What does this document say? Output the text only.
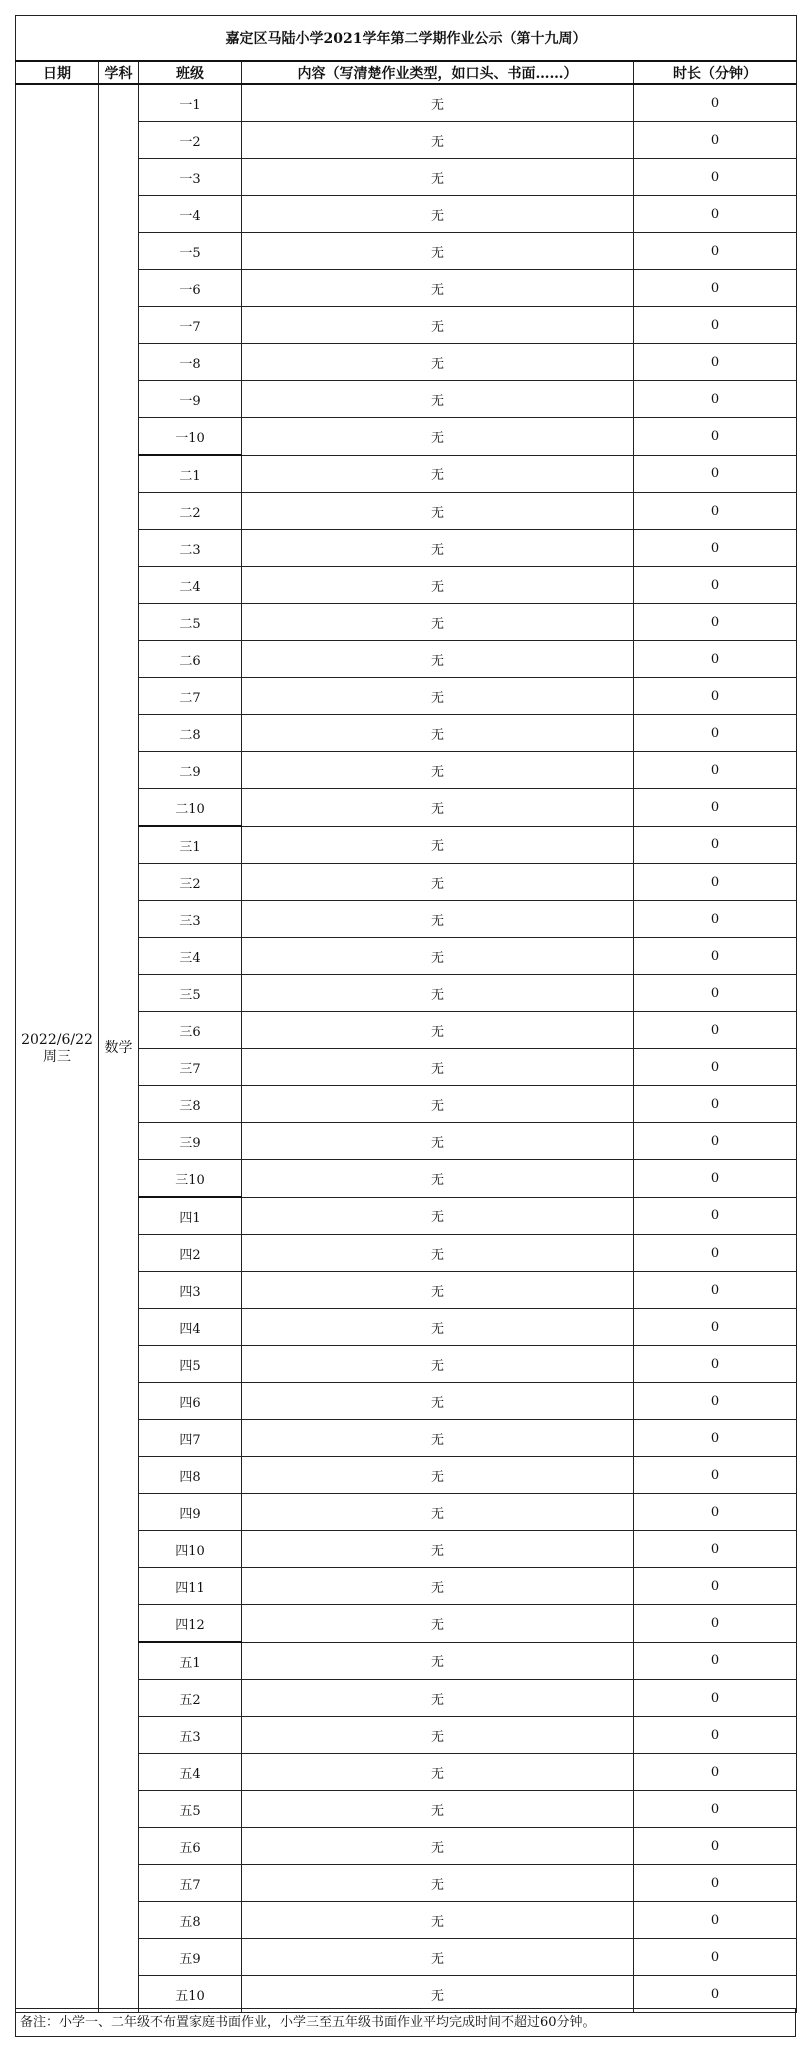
嘉定区马陆小学2021学年第二学期作业公示（第十九周）				
日期	学科	班级	内容（写清楚作业类型，如口头、书面……）	时长（分钟）

2022/6/22
周三	数学	一1	无	0
		一2	无	0
		一3	无	0
		一4	无	0
		一5	无	0
		一6	无	0
		一7	无	0
		一8	无	0
		一9	无	0
		一10	无	0
		二1	无	0
		二2	无	0
		二3	无	0
		二4	无	0
		二5	无	0
		二6	无	0
		二7	无	0
		二8	无	0
		二9	无	0
		二10	无	0
		三1	无	0
		三2	无	0
		三3	无	0
		三4	无	0
		三5	无	0
		三6	无	0
		三7	无	0
		三8	无	0
		三9	无	0
		三10	无	0
		四1	无	0
		四2	无	0
		四3	无	0
		四4	无	0
		四5	无	0
		四6	无	0
		四7	无	0
		四8	无	0
		四9	无	0
		四10	无	0
		四11	无	0
		四12	无	0
		五1	无	0
		五2	无	0
		五3	无	0
		五4	无	0
		五5	无	0
		五6	无	0
		五7	无	0
		五8	无	0
		五9	无	0
		五10	无	0
备注：小学一、二年级不布置家庭书面作业，小学三至五年级书面作业平均完成时间不超过60分钟。
